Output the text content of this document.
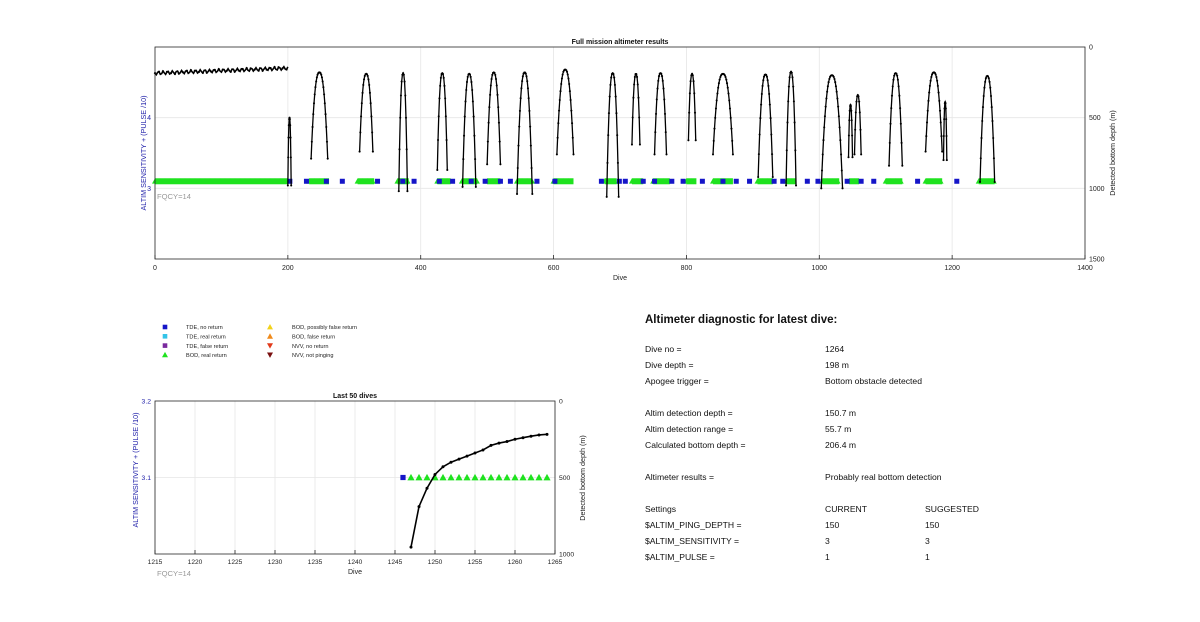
0	200	400	600	800	1000	1200	1400
3
4
0
500
1000
1500
Full mission altimeter results
Dive
ALTIM SENSITIVITY + (PULSE /10)	Detected bottom depth (m)
FQCY=14
TDE, no return
TDE, real return
TDE, false return
BOD, real return
BOD, possibly false return
BOD, false return
NVV, no return
NVV, not pinging
1215	1220	1225	1230	1235	1240	1245	1250	1255	1260	1265
3.1
3.2	0
500
1000
Last 50 dives
Dive
ALTIM SENSITIVITY + (PULSE /10)	Detected bottom depth (m)
FQCY=14
Altimeter diagnostic for latest dive:
Dive no =	1264
Dive depth =	198 m
Apogee trigger =	Bottom obstacle detected
Altim detection depth =	150.7 m
Altim detection range =	55.7 m
Calculated bottom depth =	206.4 m
Altimeter results =	Probably real bottom detection
Settings	CURRENT	SUGGESTED
$ALTIM_PING_DEPTH =	150	150
$ALTIM_SENSITIVITY =	3	3
$ALTIM_PULSE =	1	1
